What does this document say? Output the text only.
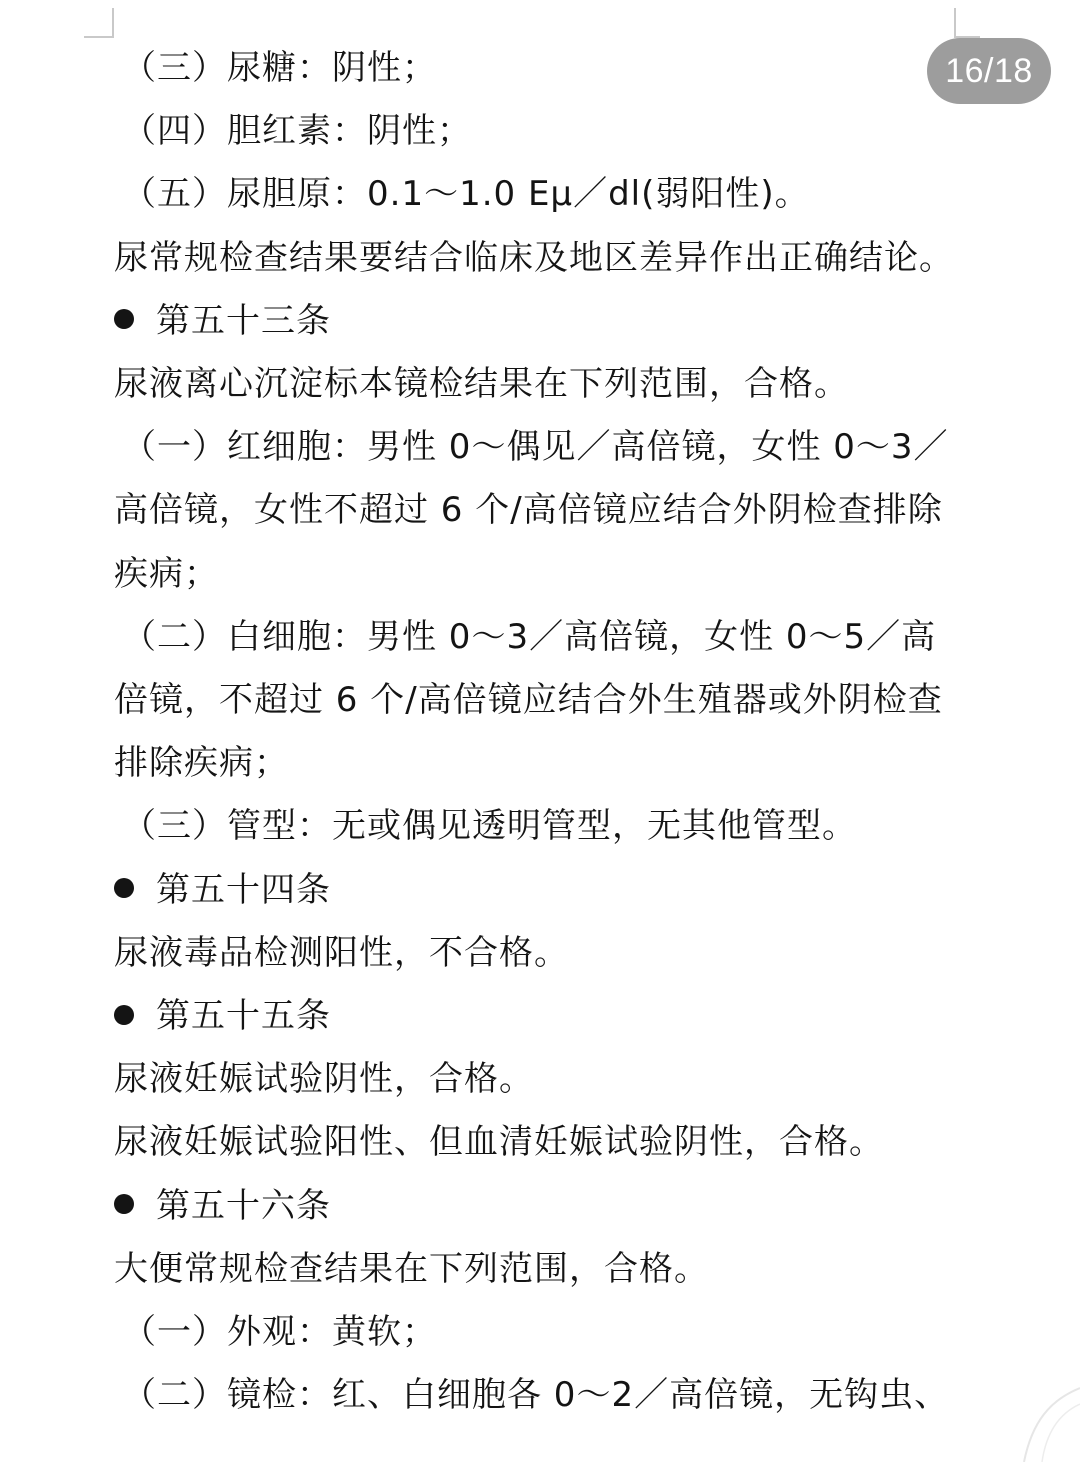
（三）尿糖：阴性；
（四）胆红素：阴性；
（五）尿胆原：0.1～1.0 Eμ／dl(弱阳性)。
尿常规检查结果要结合临床及地区差异作出正确结论。
第五十三条
尿液离心沉淀标本镜检结果在下列范围，合格。
（一）红细胞：男性 0～偶见／高倍镜，女性 0～3／
高倍镜，女性不超过 6 个/高倍镜应结合外阴检查排除
疾病；
（二）白细胞：男性 0～3／高倍镜，女性 0～5／高
倍镜，不超过 6 个/高倍镜应结合外生殖器或外阴检查
排除疾病；
（三）管型：无或偶见透明管型，无其他管型。
第五十四条
尿液毒品检测阳性，不合格。
第五十五条
尿液妊娠试验阴性，合格。
尿液妊娠试验阳性、但血清妊娠试验阴性，合格。
第五十六条
大便常规检查结果在下列范围，合格。
（一）外观：黄软；
（二）镜检：红、白细胞各 0～2／高倍镜，无钩虫、
16/18
